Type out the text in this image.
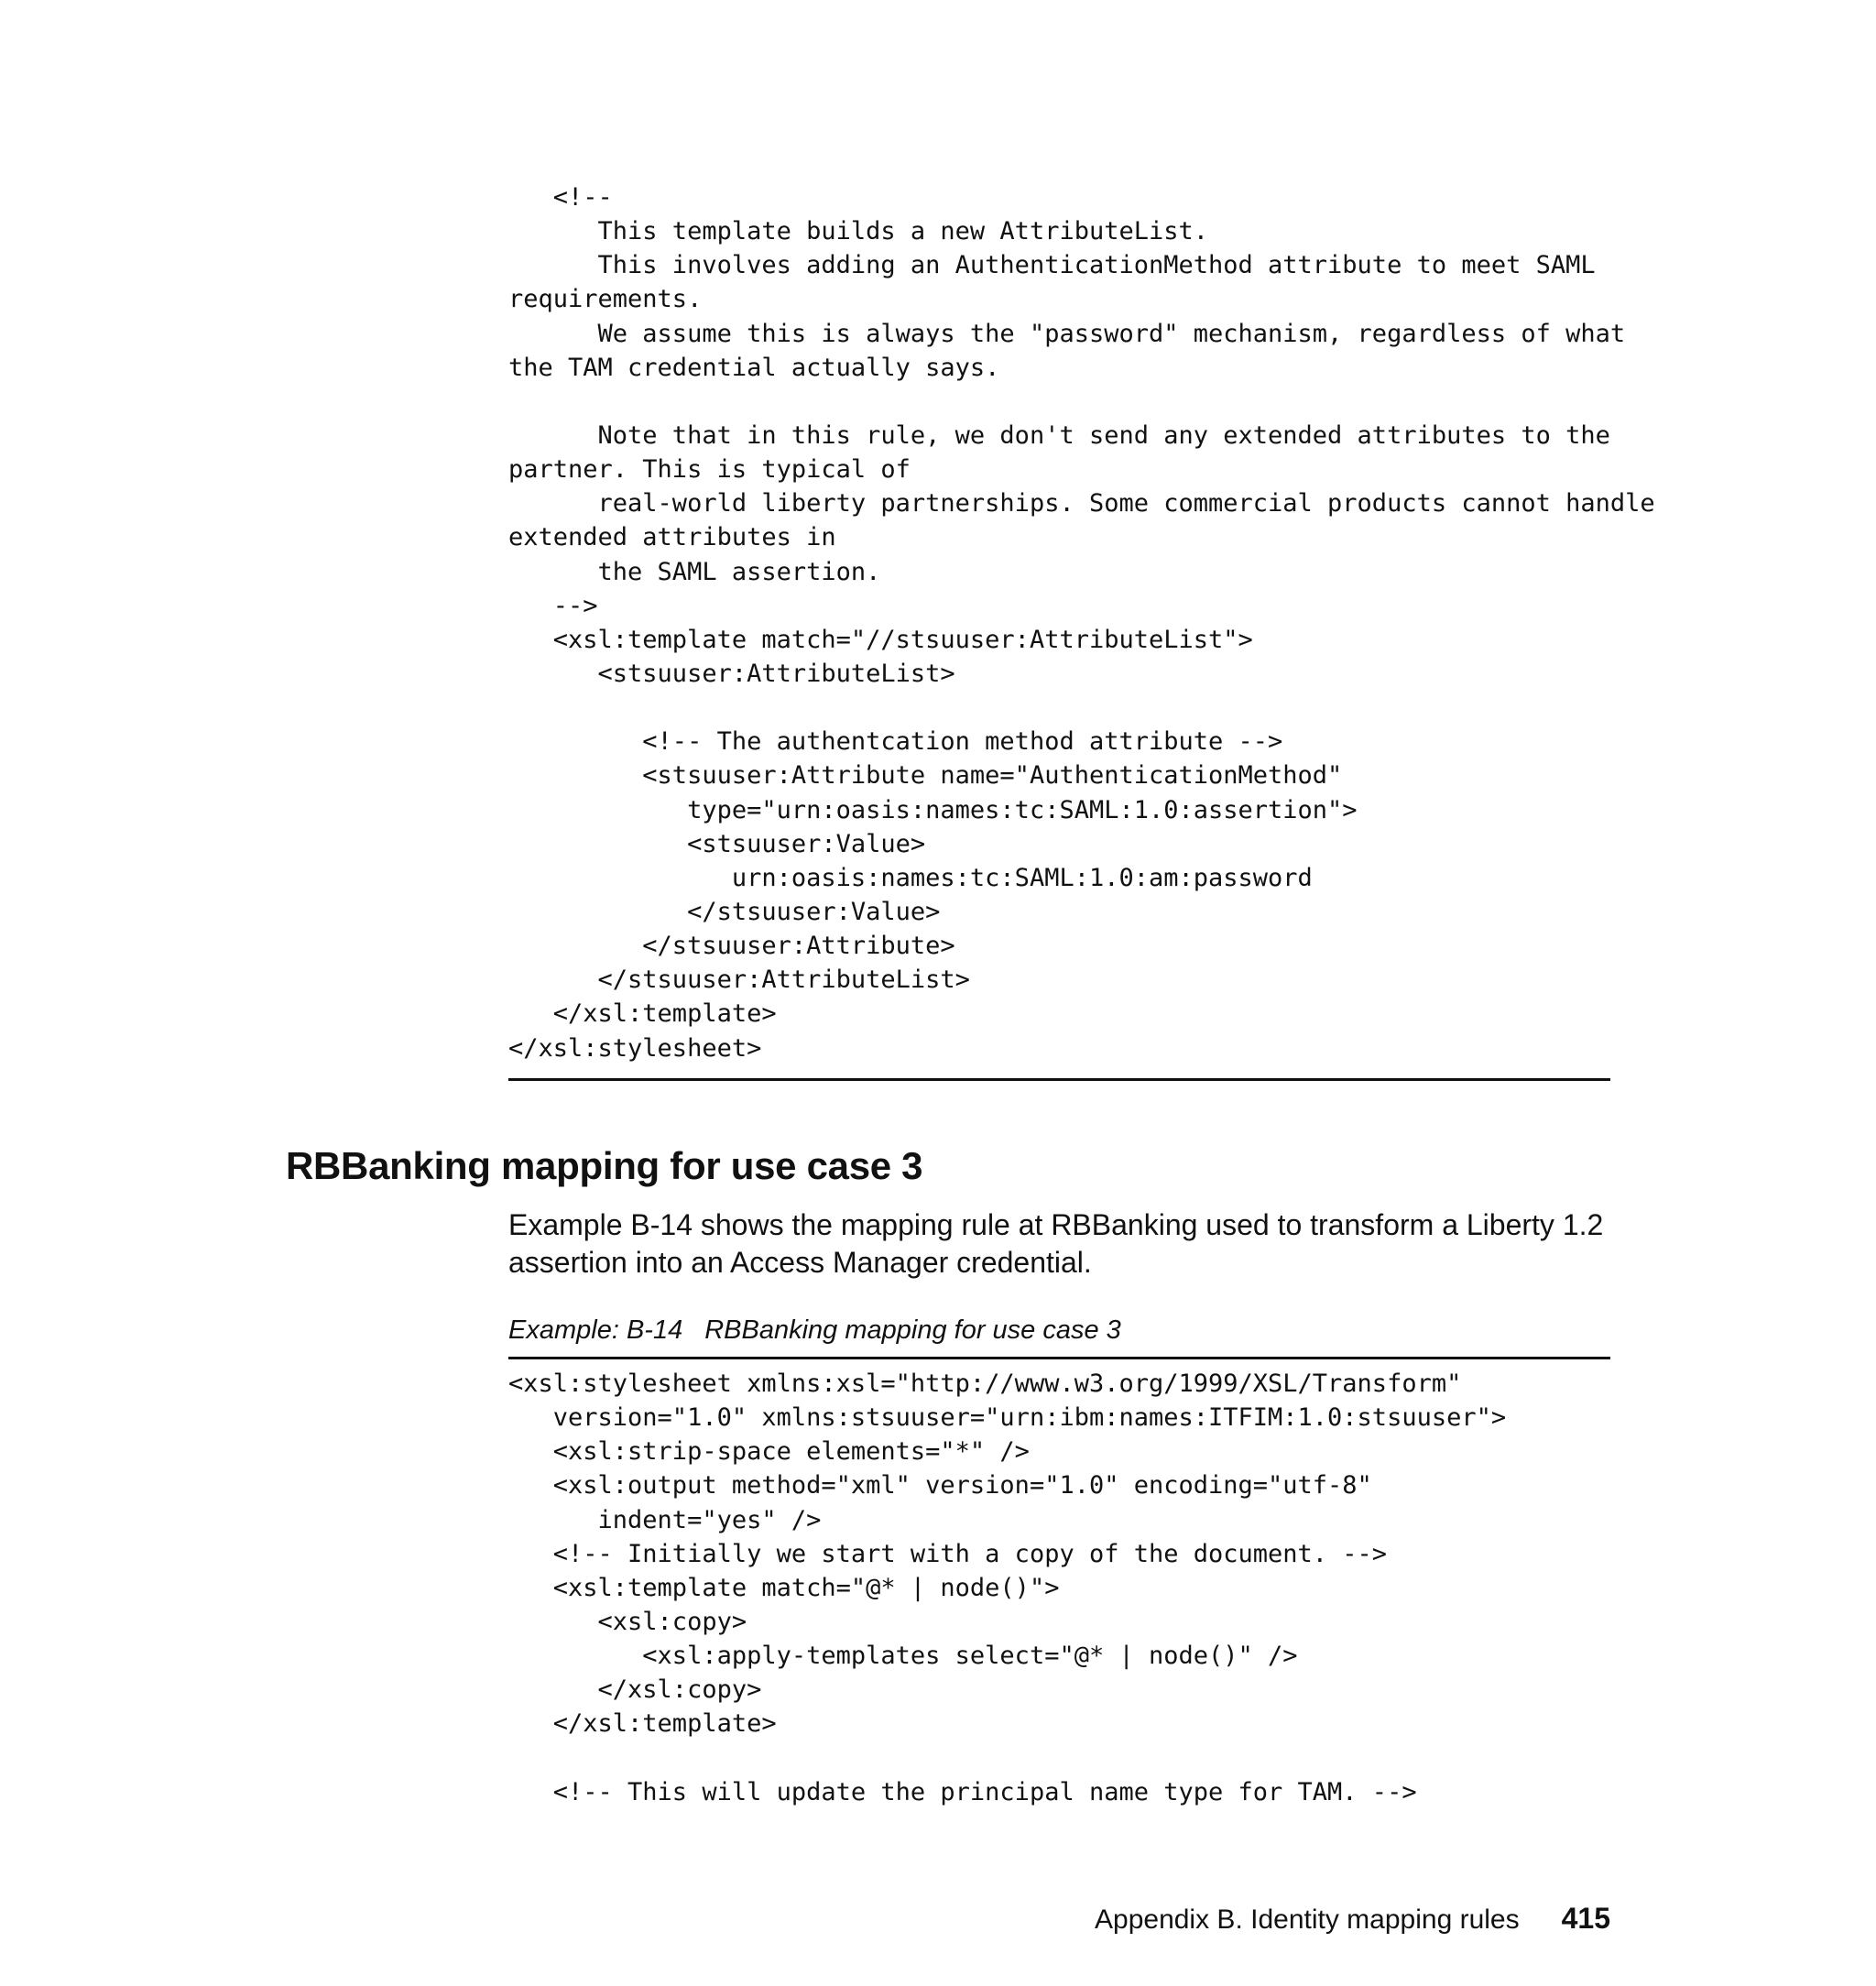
<!--
This template builds a new AttributeList.
This involves adding an AuthenticationMethod attribute to meet SAML
requirements.
We assume this is always the "password" mechanism, regardless of what
the TAM credential actually says.
Note that in this rule, we don't send any extended attributes to the
partner. This is typical of
real-world liberty partnerships. Some commercial products cannot handle
extended attributes in
the SAML assertion.
-->
<xsl:template match="//stsuuser:AttributeList">
<stsuuser:AttributeList>
<!-- The authentcation method attribute -->
<stsuuser:Attribute name="AuthenticationMethod"
type="urn:oasis:names:tc:SAML:1.0:assertion">
<stsuuser:Value>
urn:oasis:names:tc:SAML:1.0:am:password
</stsuuser:Value>
</stsuuser:Attribute>
</stsuuser:AttributeList>
</xsl:template>
</xsl:stylesheet>
RBBanking mapping for use case 3

Example B-14 shows the mapping rule at RBBanking used to transform a Liberty 1.2 assertion into an Access Manager credential.

Example: B-14 RBBanking mapping for use case 3

<xsl:stylesheet xmlns:xsl="http://www.w3.org/1999/XSL/Transform"
version="1.0" xmlns:stsuuser="urn:ibm:names:ITFIM:1.0:stsuuser">
<xsl:strip-space elements="*" />
<xsl:output method="xml" version="1.0" encoding="utf-8"
indent="yes" />
<!-- Initially we start with a copy of the document. -->
<xsl:template match="@* | node()">
<xsl:copy>
<xsl:apply-templates select="@* | node()" />
</xsl:copy>
</xsl:template>
<!-- This will update the principal name type for TAM. -->
Appendix B. Identity mapping rules 415
